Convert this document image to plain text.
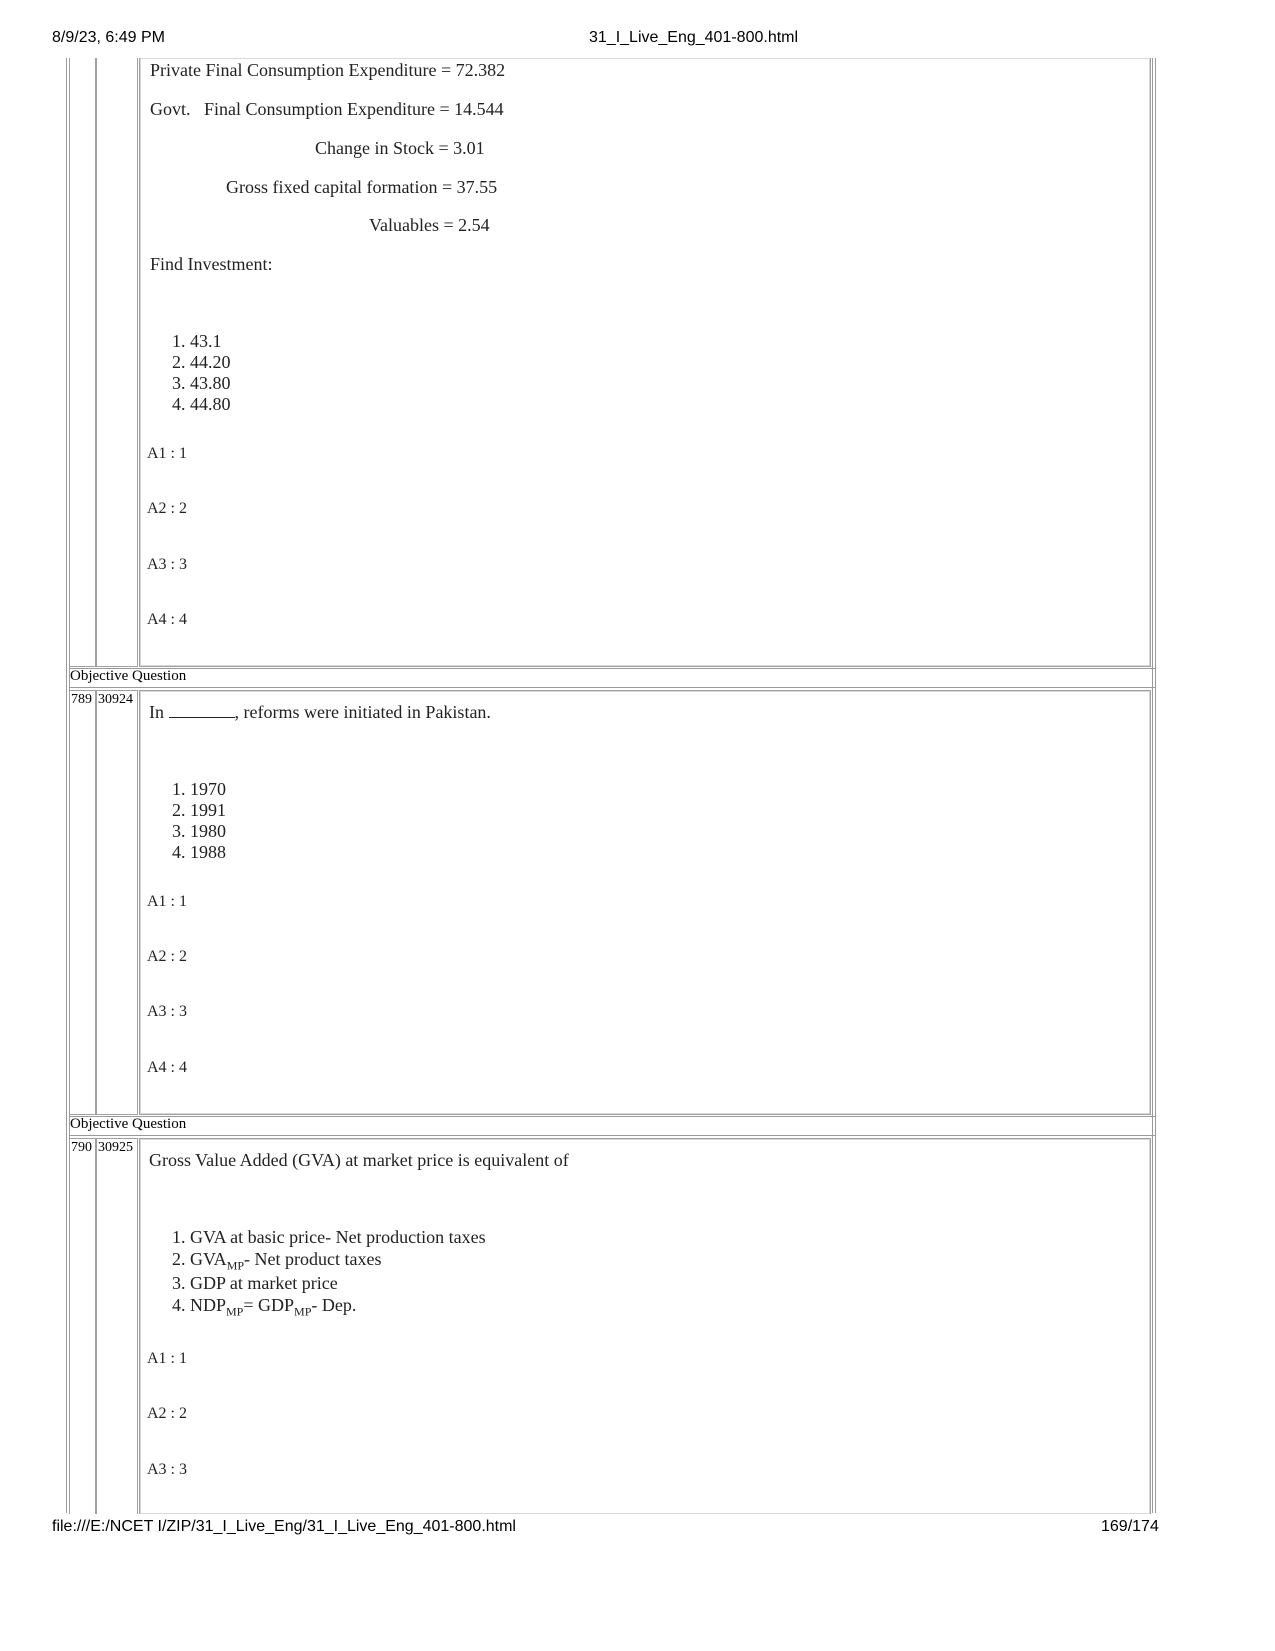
8/9/23, 6:49 PM	31_I_Live_Eng_401-800.html
Private Final Consumption Expenditure = 72.382
Govt.   Final Consumption Expenditure = 14.544
Change in Stock = 3.01
Gross fixed capital formation = 37.55
Valuables = 2.54
Find Investment:
1. 43.1
2. 44.20
3. 43.80
4. 44.80
A1 : 1
A2 : 2
A3 : 3
A4 : 4
Objective Question
789 30924
In	, reforms were initiated in Pakistan.
1. 1970
2. 1991
3. 1980
4. 1988
A1 : 1
A2 : 2
A3 : 3
A4 : 4
Objective Question
790 30925
Gross Value Added (GVA) at market price is equivalent of
1. GVA at basic price- Net production taxes
2. $GVA_{MP}-$ Net product taxes
3. GDP at market price
4. $NDP_{MP}= GDP_{MP}-$ Dep.
A1 : 1
A2 : 2
A3 : 3
file:///E:/NCET I/ZIP/31_I_Live_Eng/31_I_Live_Eng_401-800.html	169/174
